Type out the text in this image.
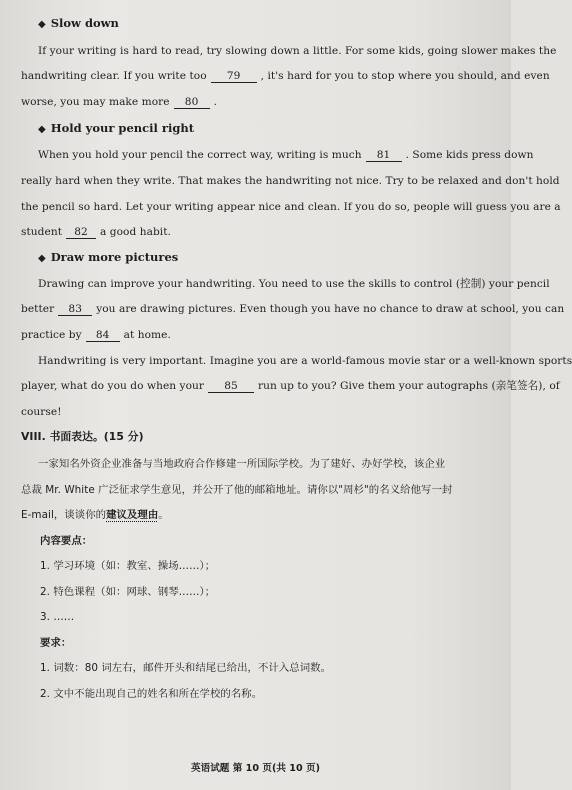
◆ Slow down
If your writing is hard to read, try slowing down a little. For some kids, going slower makes the
handwriting clear. If you write too 79 , it's hard for you to stop where you should, and even
worse, you may make more 80 .
◆ Hold your pencil right
When you hold your pencil the correct way, writing is much 81 . Some kids press down
really hard when they write. That makes the handwriting not nice. Try to be relaxed and don't hold
the pencil so hard. Let your writing appear nice and clean. If you do so, people will guess you are a
student 82 a good habit.
◆ Draw more pictures
Drawing can improve your handwriting. You need to use the skills to control (控制) your pencil
better 83 you are drawing pictures. Even though you have no chance to draw at school, you can
practice by 84 at home.
Handwriting is very important. Imagine you are a world-famous movie star or a well-known sports
player, what do you do when your 85 run up to you? Give them your autographs (亲笔签名), of
course!
VIII. 书面表达。(15 分)
一家知名外资企业准备与当地政府合作修建一所国际学校。为了建好、办好学校，该企业
总裁 Mr. White 广泛征求学生意见，并公开了他的邮箱地址。请你以"周杉"的名义给他写一封
E-mail，谈谈你的建议及理由。
内容要点：
1. 学习环境（如：教室、操场……）；
2. 特色课程（如：网球、钢琴……）；
3. ……
要求：
1. 词数：80 词左右，邮件开头和结尾已给出，不计入总词数。
2. 文中不能出现自己的姓名和所在学校的名称。
英语试题 第 10 页(共 10 页)
